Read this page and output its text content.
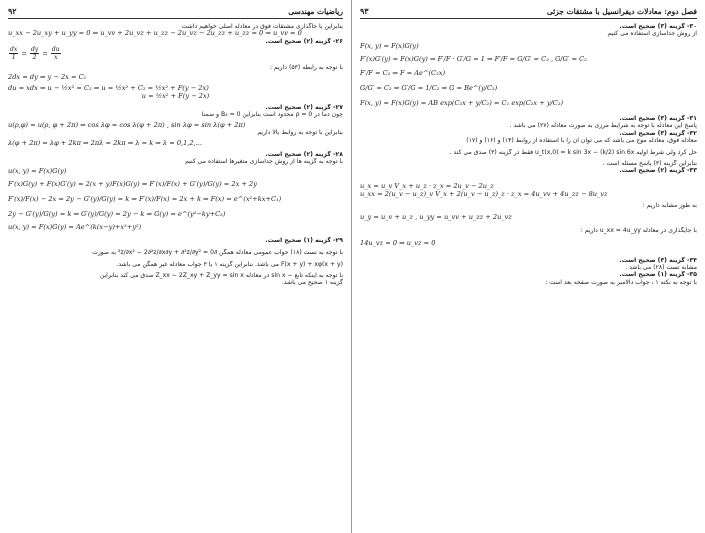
۹۲	ریاضیات مهندسی
بنابراین با جاگذاری مشتقات فوق در معادله اصلی خواهیم داشت
u_xx − 2u_xy + u_yy = 0 ⇒ u_vv + 2u_vz + u_zz − 2u_vz − 2u_zz + u_zz = 0 ⇒ u_vv = 0
۲۶- گزینه (۲) صحیح است.
$\frac{dx}{1} = \frac{dy}{2} = \frac{du}{x}$
با توجه به رابطه (۵۳) داریم :
2dx = dy ⇒ y − 2x = C₁
du = xdx ⇒ u − ½x² = C₂ ⇒ u = ½x² + C₂ = ½x² + F(y − 2x)
u = ½x² + F(y − 2x)
۲۷- گزینه (۲) صحیح است.
چون دما در ρ = 0 محدود است بنابراین B₂ = 0 و ضمنا
u(ρ,φ) = u(ρ, φ + 2π) ⇒ cos λφ = cos λ(φ + 2π) , sin λφ = sin λ(φ + 2π)
بنابراین با توجه به روابط بالا داریم
λ(φ + 2π) = λφ + 2kπ ⇒ 2πλ = 2kπ ⇒ λ = k ⇒ λ = 0,1,2,...
۲۸- گزینه (۲) صحیح است.
با توجه به گزینه ها از روش جداسازی متغیرها استفاده می کنیم
u(x, y) = F(x)G(y)
F′(x)G(y) + F(x)G′(y) = 2(x + y)F(x)G(y) ⇒ F′(x)/F(x) + G′(y)/G(y) = 2x + 2y
F′(x)/F(x) − 2x = 2y − G′(y)/G(y) = k ⇒ F′(x)/F(x) = 2x + k ⇒ F(x) = e^(x²+kx+C₁)
2y − G′(y)/G(y) = k ⇒ G′(y)/G(y) = 2y − k ⇒ G(y) = e^(y²−ky+C₂)
u(x, y) = F(x)G(y) = Ae^(k(x−y)+x²+y²)
۲۹- گزینه (۱) صحیح است.
با توجه به تست (۱۸) جواب عمومی معادله همگن ∂²z/∂x² − 2∂²z/∂x∂y + ∂²z/∂y² = 0 به صورت
F(x + y) + xφ(x + y) می باشد. بنابراین گزینه ۱ یا ۳ جواب معادله غیر همگن می باشد.
با توجه به اینکه تابع − sin x در معادله Z_xx − 2Z_xy + Z_yy = sin x صدق می کند بنابراین
گزینه ۱ صحیح می باشد.
۹۳	فصل دوم: معادلات دیفرانسیل با مشتقات جزئی
۳۰- گزینه (۳) صحیح است.
از روش جداسازی استفاده می کنیم
F(x, y) = F(x)G(y)
F′(x)G′(y) = F(x)G(y) ⇒ F′/F · G′/G = 1 ⇒ F′/F = G/G′ = C₂ , G/G′ = C₂
F′/F = C₂ ⇒ F = Ae^(C₂x)
G/G′ = C₂ ⇒ G′/G = 1/C₂ ⇒ G = Be^(y/C₂)
F(x, y) = F(x)G(y) = AB exp(C₂x + y/C₂) = C₁ exp(C₂x + y/C₂)
۳۱- گزینه (۳) صحیح است.
پاسخ این معادله با توجه به شرایط مرزی به صورت معادله (۲۷) می باشد .
۳۲- گزینه (۳) صحیح است.
معادله فوق، معادله موج می باشد که می توان آن را با استفاده از روابط (۱۴) و (۱۶) و (۱۷)
حل کرد ولی شرط اولیه u_t(x,0) = k sin 3x − (k/2) sin 6x فقط در گزینه (۳) صدق می کند .
بنابراین گزینه (۳) پاسخ مسئله است .
۳۳- گزینه (۲) صحیح است.
u_x = u_v V_x + u_z · z_x = 2u_v − 2u_z
u_xx = 2(u_v − u_z)_v V_x + 2(u_v − u_z)_z · z_x = 4u_vv + 4u_zz − 8u_vz
به طور مشابه داریم :
u_y = u_v + u_z , u_yy = u_vv + u_zz + 2u_vz
با جایگذاری در معادله u_xx = 4u_yy داریم :
14u_vz = 0 ⇒ u_vz = 0
۳۴- گزینه (۳) صحیح است.
مشابه تست (۲۸) می باشد .
۳۵- گزینه (۱) صحیح است.
با توجه به نکته ۱ ، جواب دالامبر به صورت صفحه بعد است :
